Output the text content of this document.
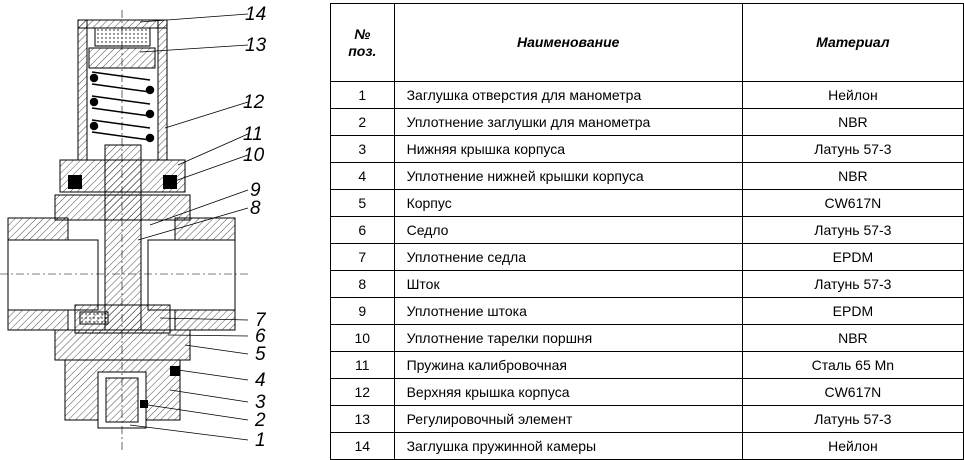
14
13
12
11
10
9
8
7
6
5
4
3
2
1
№
поз.	Наименование	Материал
1	Заглушка отверстия для манометра	Нейлон
2	Уплотнение заглушки для манометра	NBR
3	Нижняя крышка корпуса	Латунь 57-3
4	Уплотнение нижней крышки корпуса	NBR
5	Корпус	CW617N
6	Седло	Латунь 57-3
7	Уплотнение седла	EPDM
8	Шток	Латунь 57-3
9	Уплотнение штока	EPDM
10	Уплотнение тарелки поршня	NBR
11	Пружина калибровочная	Сталь 65 Mn
12	Верхняя крышка корпуса	CW617N
13	Регулировочный элемент	Латунь 57-3
14	Заглушка пружинной камеры	Нейлон
